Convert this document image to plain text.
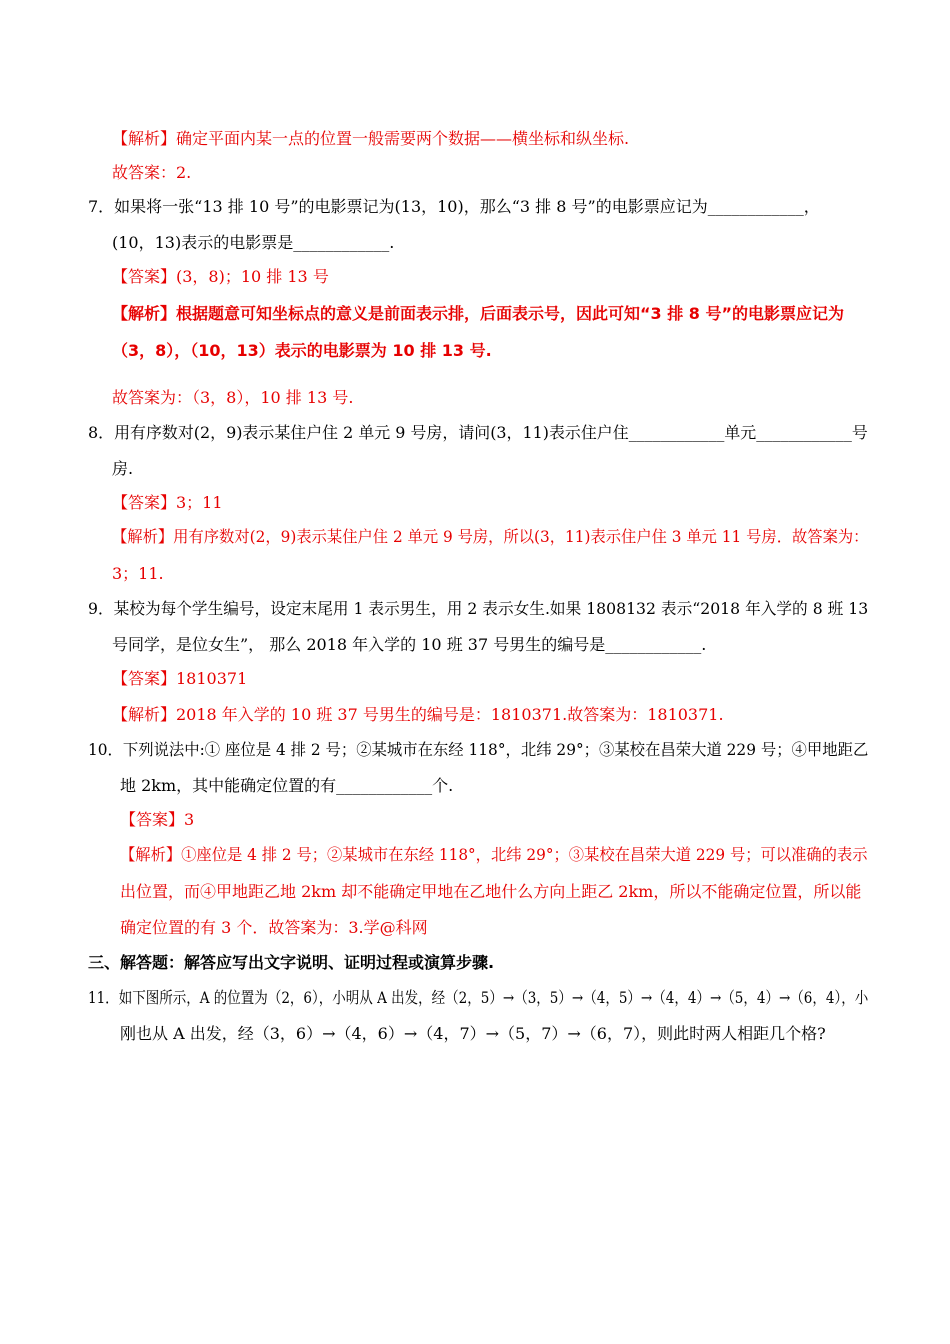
【解析】确定平面内某一点的位置一般需要两个数据——横坐标和纵坐标.
故答案：2.
7．如果将一张“13 排 10 号”的电影票记为(13，10)，那么“3 排 8 号”的电影票应记为____________，
(10，13)表示的电影票是____________.
【答案】(3，8)；10 排 13 号
【解析】根据题意可知坐标点的意义是前面表示排，后面表示号，因此可知“3 排 8 号”的电影票应记为
（3，8），（10，13）表示的电影票为 10 排 13 号.
故答案为：（3，8），10 排 13 号.
8．用有序数对(2，9)表示某住户住 2 单元 9 号房，请问(3，11)表示住户住____________单元____________号
房.
【答案】3；11
【解析】用有序数对(2，9)表示某住户住 2 单元 9 号房，所以(3，11)表示住户住 3 单元 11 号房．故答案为：
3；11.
9．某校为每个学生编号，设定末尾用 1 表示男生，用 2 表示女生.如果 1808132 表示“2018 年入学的 8 班 13
号同学，是位女生”， 那么 2018 年入学的 10 班 37 号男生的编号是____________.
【答案】1810371
【解析】2018 年入学的 10 班 37 号男生的编号是：1810371.故答案为：1810371.
10．下列说法中:① 座位是 4 排 2 号；②某城市在东经 118°，北纬 29°；③某校在昌荣大道 229 号；④甲地距乙
地 2km，其中能确定位置的有____________个.
【答案】3
【解析】①座位是 4 排 2 号；②某城市在东经 118°，北纬 29°；③某校在昌荣大道 229 号；可以准确的表示
出位置，而④甲地距乙地 2km 却不能确定甲地在乙地什么方向上距乙 2km，所以不能确定位置，所以能
确定位置的有 3 个．故答案为：3.学@科网
三、解答题：解答应写出文字说明、证明过程或演算步骤.
11．如下图所示，A 的位置为（2，6），小明从 A 出发，经（2，5）→（3，5）→（4，5）→（4，4）→（5，4）→（6，4），小
刚也从 A 出发，经（3，6）→（4，6）→（4，7）→（5，7）→（6，7），则此时两人相距几个格?
